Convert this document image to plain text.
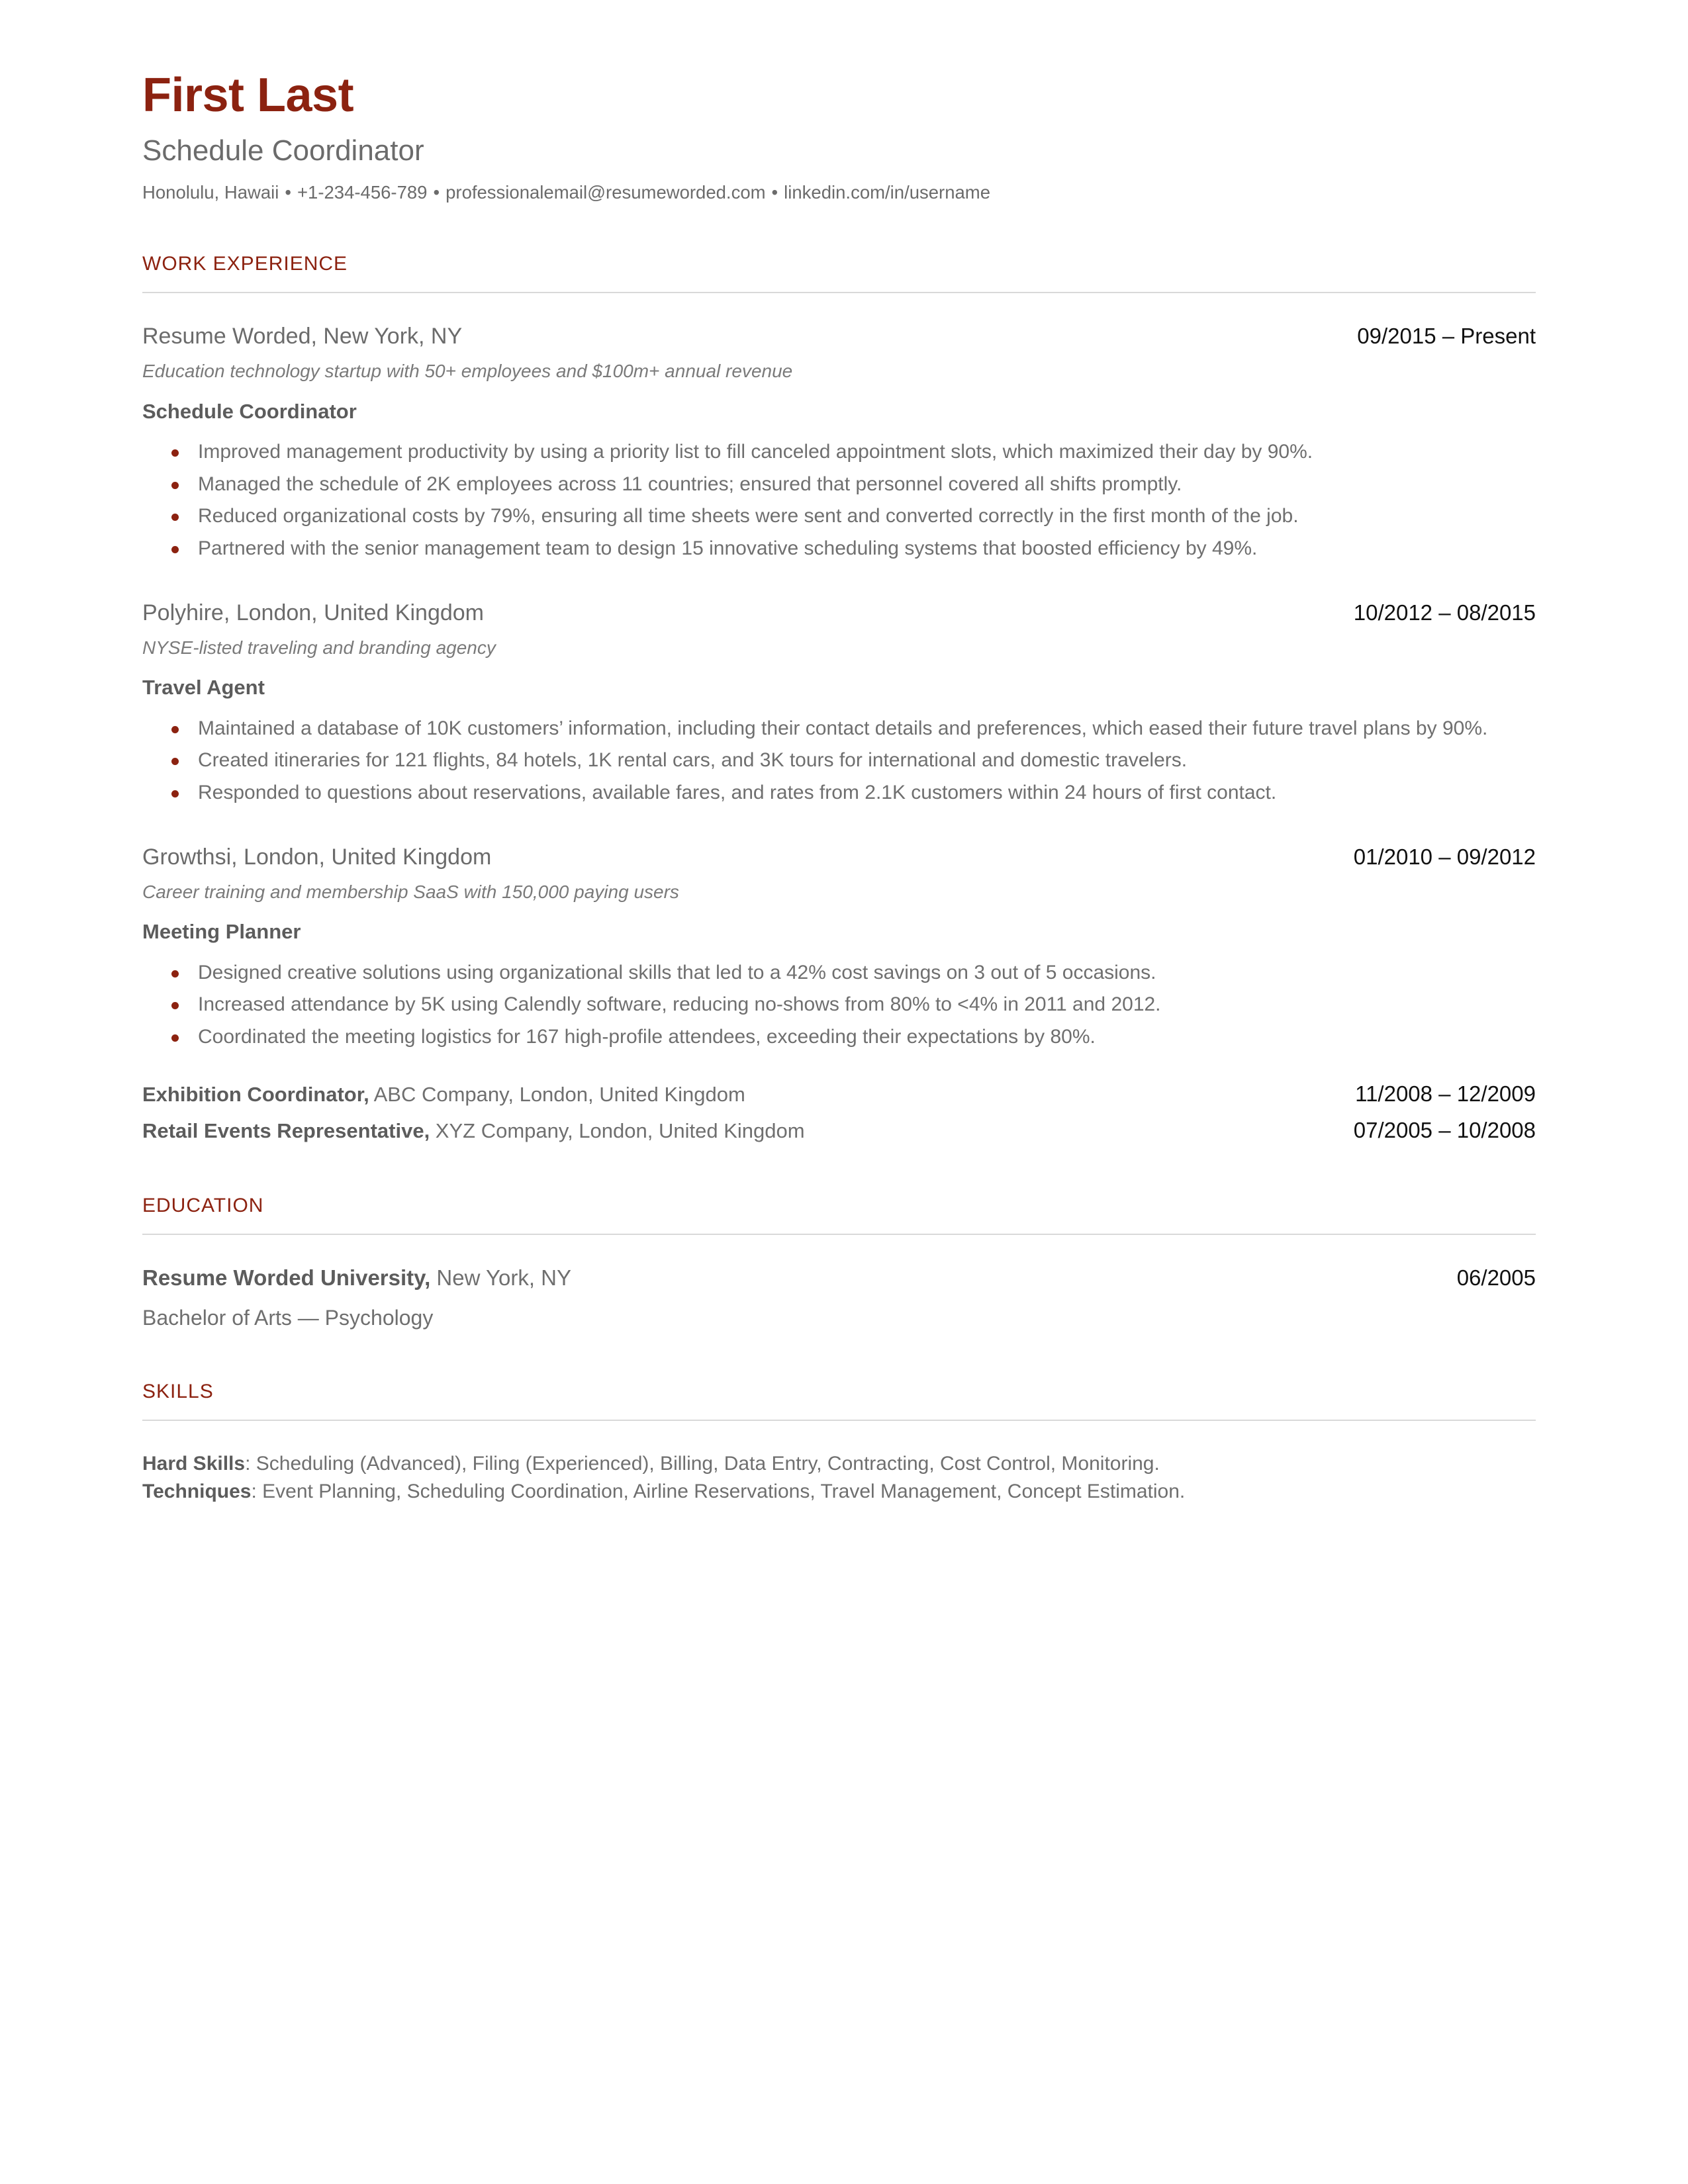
First Last
Schedule Coordinator
Honolulu, Hawaii • +1-234-456-789 • professionalemail@resumeworded.com • linkedin.com/in/username
WORK EXPERIENCE
Resume Worded, New York, NY	09/2015 – Present
Education technology startup with 50+ employees and $100m+ annual revenue
Schedule Coordinator
Improved management productivity by using a priority list to fill canceled appointment slots, which maximized their day by 90%.
Managed the schedule of 2K employees across 11 countries; ensured that personnel covered all shifts promptly.
Reduced organizational costs by 79%, ensuring all time sheets were sent and converted correctly in the first month of the job.
Partnered with the senior management team to design 15 innovative scheduling systems that boosted efficiency by 49%.
Polyhire, London, United Kingdom	10/2012 – 08/2015
NYSE-listed traveling and branding agency
Travel Agent
Maintained a database of 10K customers’ information, including their contact details and preferences, which eased their future travel plans by 90%.
Created itineraries for 121 flights, 84 hotels, 1K rental cars, and 3K tours for international and domestic travelers.
Responded to questions about reservations, available fares, and rates from 2.1K customers within 24 hours of first contact.
Growthsi, London, United Kingdom	01/2010 – 09/2012
Career training and membership SaaS with 150,000 paying users
Meeting Planner
Designed creative solutions using organizational skills that led to a 42% cost savings on 3 out of 5 occasions.
Increased attendance by 5K using Calendly software, reducing no-shows from 80% to <4% in 2011 and 2012.
Coordinated the meeting logistics for 167 high-profile attendees, exceeding their expectations by 80%.
Exhibition Coordinator, ABC Company, London, United Kingdom	11/2008 – 12/2009
Retail Events Representative, XYZ Company, London, United Kingdom	07/2005 – 10/2008
EDUCATION
Resume Worded University, New York, NY	06/2005
Bachelor of Arts — Psychology
SKILLS
Hard Skills: Scheduling (Advanced), Filing (Experienced), Billing, Data Entry, Contracting, Cost Control, Monitoring.
Techniques: Event Planning, Scheduling Coordination, Airline Reservations, Travel Management, Concept Estimation.
